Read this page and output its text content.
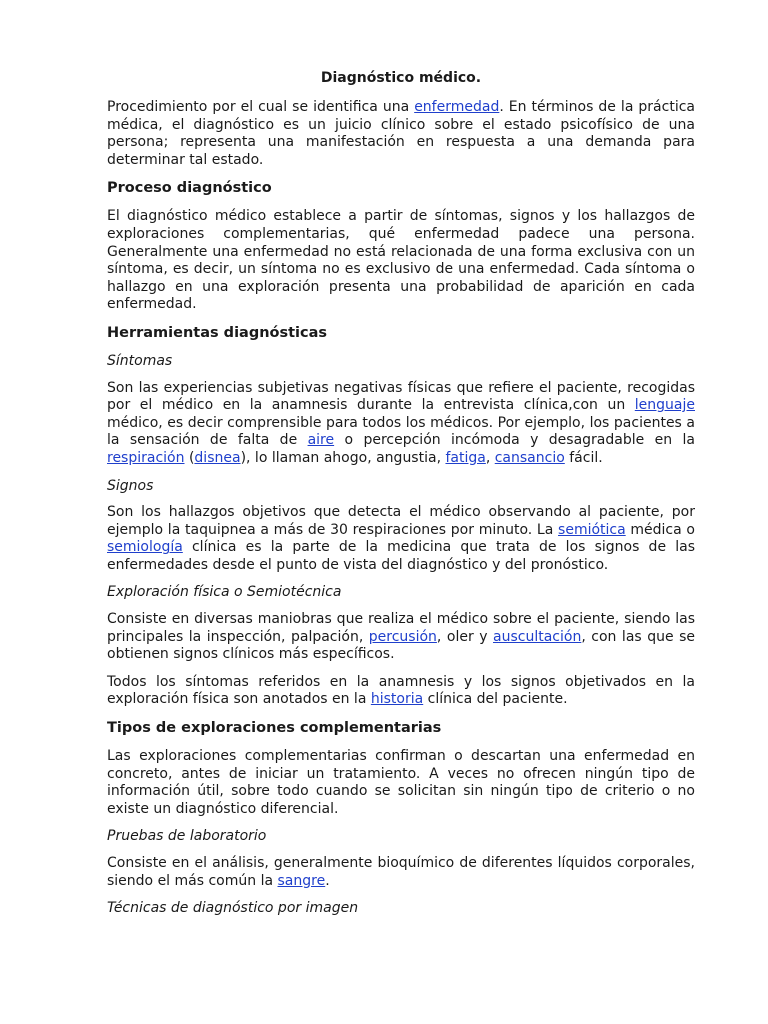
Diagnóstico médico.

Procedimiento por el cual se identifica una enfermedad. En términos de la práctica médica, el diagnóstico es un juicio clínico sobre el estado psicofísico de una persona; representa una manifestación en respuesta a una demanda para determinar tal estado.

Proceso diagnóstico

El diagnóstico médico establece a partir de síntomas, signos y los hallazgos de exploraciones complementarias, qué enfermedad padece una persona. Generalmente una enfermedad no está relacionada de una forma exclusiva con un síntoma, es decir, un síntoma no es exclusivo de una enfermedad. Cada síntoma o hallazgo en una exploración presenta una probabilidad de aparición en cada enfermedad.

Herramientas diagnósticas

Síntomas

Son las experiencias subjetivas negativas físicas que refiere el paciente, recogidas por el médico en la anamnesis durante la entrevista clínica,con un lenguaje médico, es decir comprensible para todos los médicos. Por ejemplo, los pacientes a la sensación de falta de aire o percepción incómoda y desagradable en la respiración (disnea), lo llaman ahogo, angustia, fatiga, cansancio fácil.

Signos

Son los hallazgos objetivos que detecta el médico observando al paciente, por ejemplo la taquipnea a más de 30 respiraciones por minuto. La semiótica médica o semiología clínica es la parte de la medicina que trata de los signos de las enfermedades desde el punto de vista del diagnóstico y del pronóstico.

Exploración física o Semiotécnica

Consiste en diversas maniobras que realiza el médico sobre el paciente, siendo las principales la inspección, palpación, percusión, oler y auscultación, con las que se obtienen signos clínicos más específicos.

Todos los síntomas referidos en la anamnesis y los signos objetivados en la exploración física son anotados en la historia clínica del paciente.

Tipos de exploraciones complementarias

Las exploraciones complementarias confirman o descartan una enfermedad en concreto, antes de iniciar un tratamiento. A veces no ofrecen ningún tipo de información útil, sobre todo cuando se solicitan sin ningún tipo de criterio o no existe un diagnóstico diferencial.

Pruebas de laboratorio

Consiste en el análisis, generalmente bioquímico de diferentes líquidos corporales, siendo el más común la sangre.

Técnicas de diagnóstico por imagen
